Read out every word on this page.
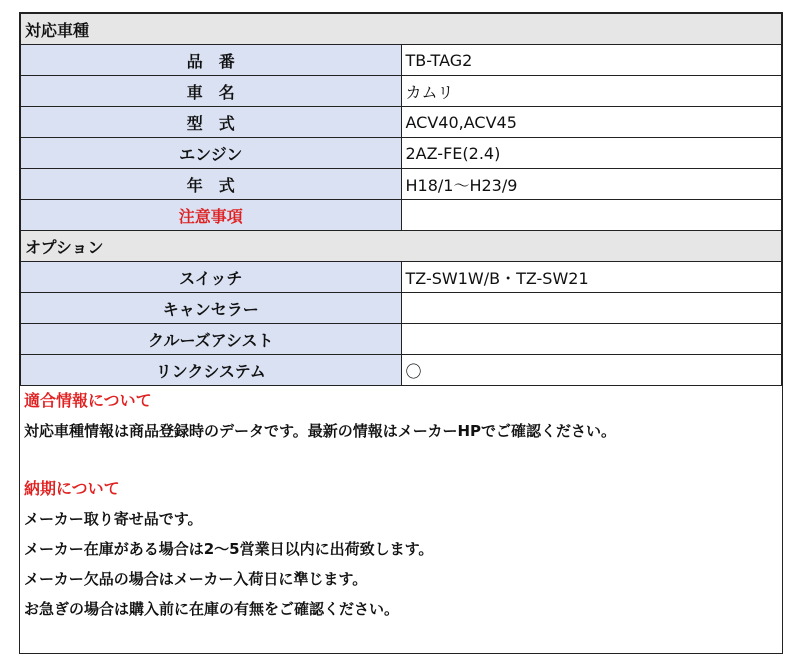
対応車種	
品　番	TB-TAG2
車　名	カムリ
型　式	ACV40,ACV45
エンジン	2AZ-FE(2.4)
年　式	H18/1〜H23/9
注意事項	
オプション	
スイッチ	TZ-SW1W/B・TZ-SW21
キャンセラー	
クルーズアシスト	
リンクシステム	〇
適合情報について
対応車種情報は商品登録時のデータです。最新の情報はメーカーHPでご確認ください。
納期について
メーカー取り寄せ品です。
メーカー在庫がある場合は2〜5営業日以内に出荷致します。
メーカー欠品の場合はメーカー入荷日に準じます。
お急ぎの場合は購入前に在庫の有無をご確認ください。
